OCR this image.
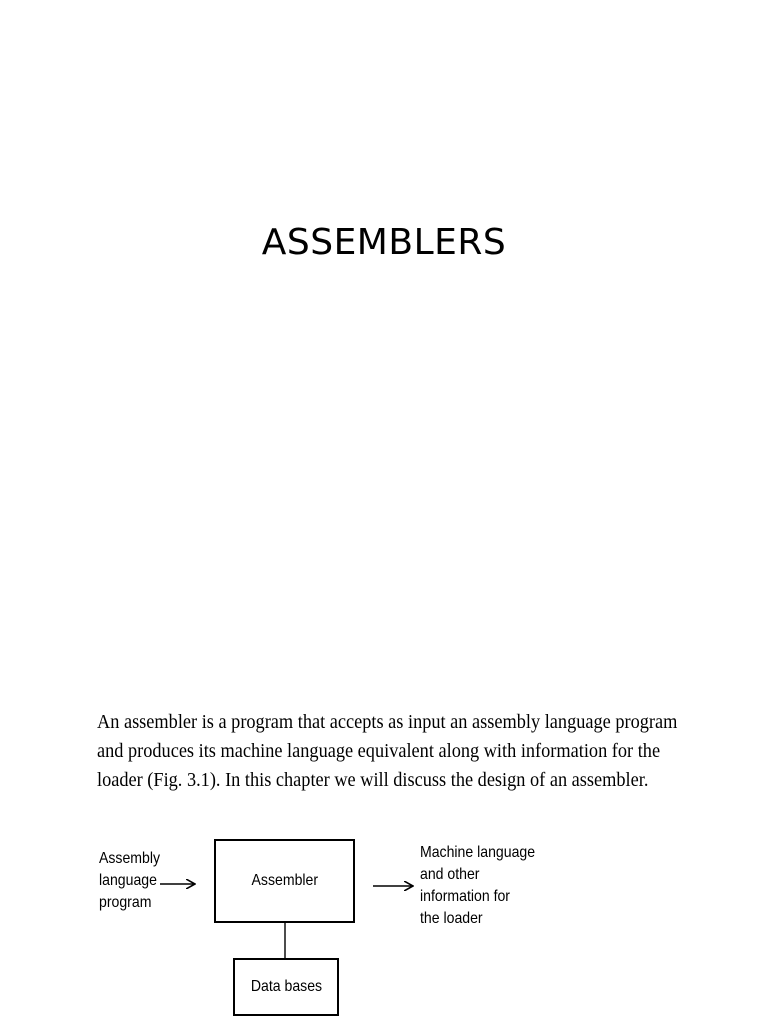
ASSEMBLERS
An assembler is a program that accepts as input an assembly language program
and produces its machine language equivalent along with information for the
loader (Fig. 3.1). In this chapter we will discuss the design of an assembler.
Assembly
language
program
Assembler
Machine language
and other
information for
the loader
Data bases
